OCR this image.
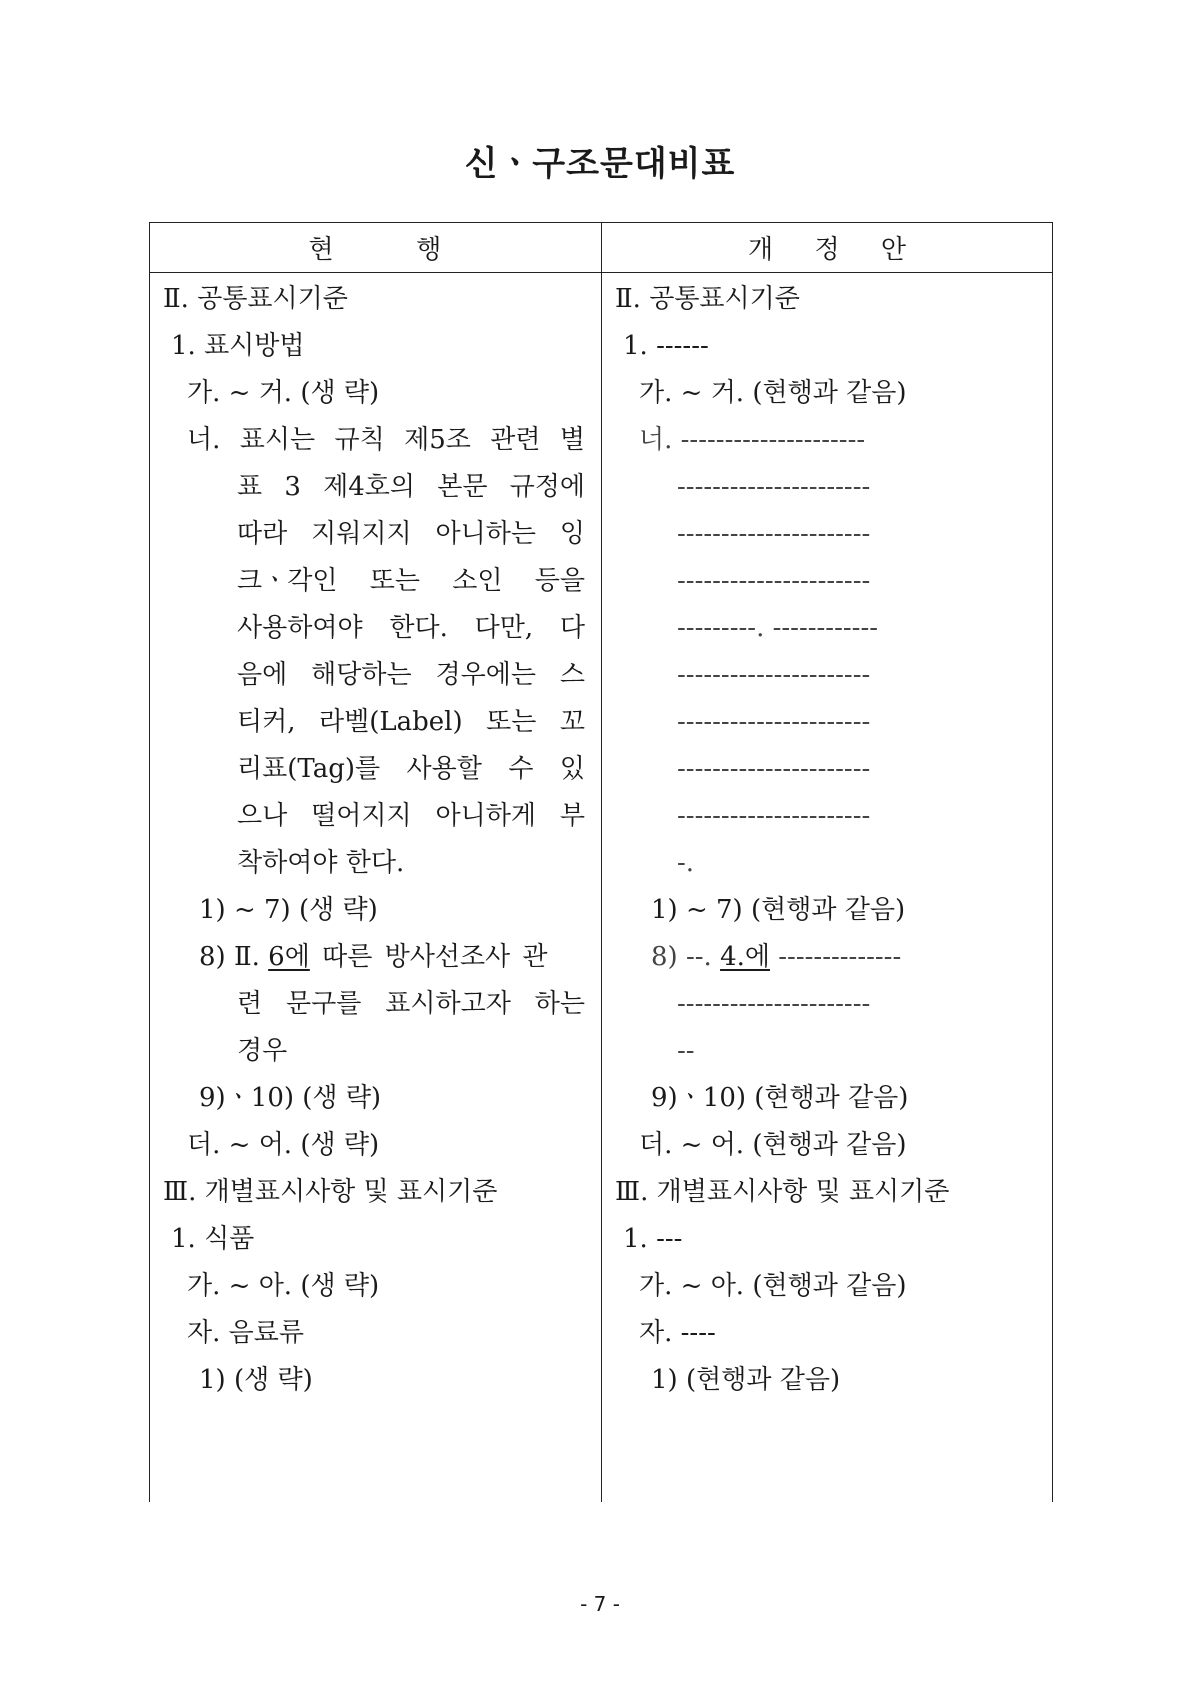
신ㆍ구조문대비표
현          행	개     정     안
Ⅱ. 공통표시기준
1. 표시방법
가. ~ 거. (생 략)
너. 표시는 규칙 제5조 관련 별
표 3 제4호의 본문 규정에
따라 지워지지 아니하는 잉
크ㆍ각인 또는 소인 등을
사용하여야 한다. 다만, 다
음에 해당하는 경우에는 스
티커, 라벨(Label) 또는 꼬
리표(Tag)를 사용할 수 있
으나 떨어지지 아니하게 부
착하여야 한다.
1) ~ 7) (생 략)
8) Ⅱ. 6에 따른 방사선조사 관
련 문구를 표시하고자 하는
경우
9)ㆍ10) (생 략)
더. ~ 어. (생 략)
Ⅲ. 개별표시사항 및 표시기준
1. 식품
가. ~ 아. (생 략)
자. 음료류
1) (생 략)
Ⅱ. 공통표시기준
1. ------
가. ~ 거. (현행과 같음)
너. ---------------------
----------------------
----------------------
----------------------
---------. ------------
----------------------
----------------------
----------------------
----------------------
-.
1) ~ 7) (현행과 같음)
8) --. 4.에 --------------
----------------------
--
9)ㆍ10) (현행과 같음)
더. ~ 어. (현행과 같음)
Ⅲ. 개별표시사항 및 표시기준
1. ---
가. ~ 아. (현행과 같음)
자. ----
1) (현행과 같음)
- 7 -
